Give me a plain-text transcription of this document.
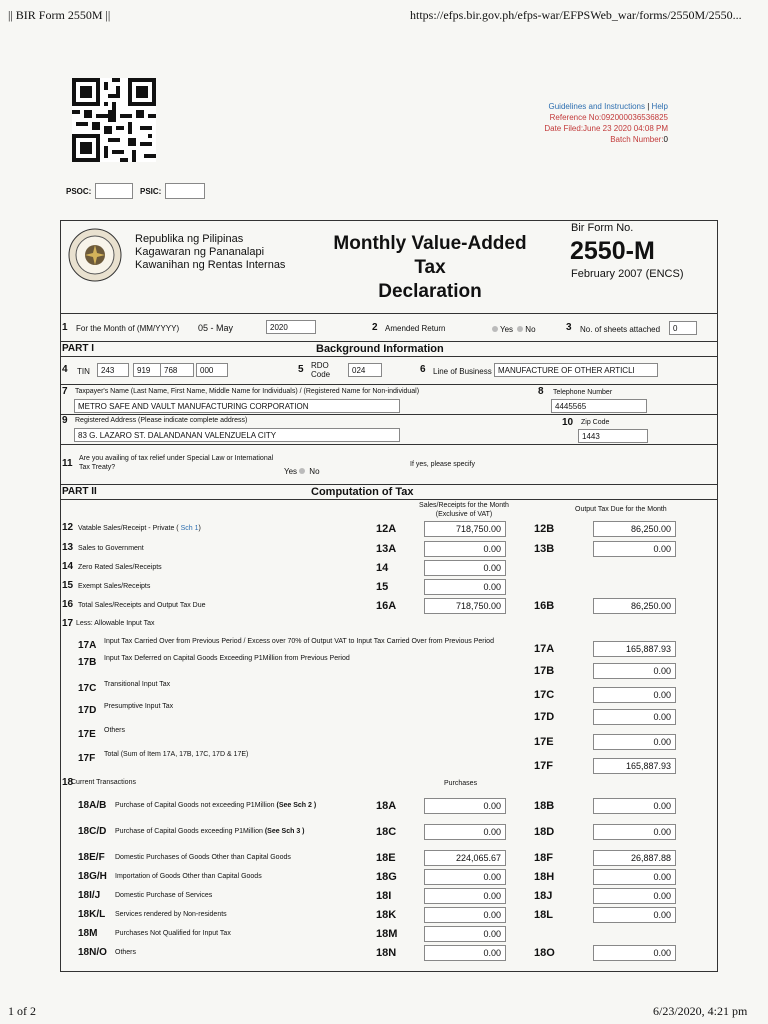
|| BIR Form 2550M ||	https://efps.bir.gov.ph/efps-war/EFPSWeb_war/forms/2550M/2550...
Guidelines and Instructions | Help
Reference No:092000036536825
Date Filed:June 23 2020 04:08 PM
Batch Number:0
PSOC:	PSIC:
Republika ng Pilipinas
Kagawaran ng Pananalapi
Kawanihan ng Rentas Internas
Monthly Value-Added
Tax
Declaration
Bir Form No.
2550-M
February 2007 (ENCS)
1 For the Month of (MM/YYYY) 05 - May	2020	2 Amended Return	Yes No	3 No. of sheets attached	0
PART I	Background Information
4 TIN	243	919	768	000	5 RDO
Code	024	6 Line of Business MANUFACTURE OF OTHER ARTICLI
7 Taxpayer's Name (Last Name, First Name, Middle Name for Individuals) / (Registered Name for Non-individual)
METRO SAFE AND VAULT MANUFACTURING CORPORATION
8 Telephone Number
4445565
9 Registered Address (Please indicate complete address)
83 G. LAZARO ST. DALANDANAN VALENZUELA CITY
10 Zip Code
1443
11 Are you availing of tax relief under Special Law or International Tax Treaty?	Yes No
If yes, please specify
PART II	Computation of Tax
Sales/Receipts for the Month (Exclusive of VAT)
Output Tax Due for the Month
12 Vatable Sales/Receipt - Private ( Sch 1)	12A	718,750.00	12B	86,250.00
13 Sales to Government	13A	0.00	13B	0.00
14 Zero Rated Sales/Receipts	14	0.00
15 Exempt Sales/Receipts	15	0.00
16 Total Sales/Receipts and Output Tax Due	16A	718,750.00	16B	86,250.00
17 Less: Allowable Input Tax
17A Input Tax Carried Over from Previous Period / Excess over 70% of Output VAT to Input Tax Carried Over from Previous Period
17A	165,887.93
17B Input Tax Deferred on Capital Goods Exceeding P1Million from Previous Period
17B	0.00
17C Transitional Input Tax
17C	0.00
17D Presumptive Input Tax
17D	0.00
17E Others
17E	0.00
17F Total (Sum of Item 17A, 17B, 17C, 17D & 17E)
17F	165,887.93
18
Current Transactions	Purchases
18A/B Purchase of Capital Goods not exceeding P1Million (See Sch 2 )	18A	0.00	18B	0.00
18C/D Purchase of Capital Goods exceeding P1Million (See Sch 3 )	18C	0.00	18D	0.00
18E/F Domestic Purchases of Goods Other than Capital Goods	18E	224,065.67	18F	26,887.88
18G/H Importation of Goods Other than Capital Goods	18G	0.00	18H	0.00
18I/J Domestic Purchase of Services	18I	0.00	18J	0.00
18K/L Services rendered by Non-residents	18K	0.00	18L	0.00
18M	Purchases Not Qualified for Input Tax	18M	0.00
18N/O Others	18N	0.00	18O	0.00
1 of 2	6/23/2020, 4:21 pm
